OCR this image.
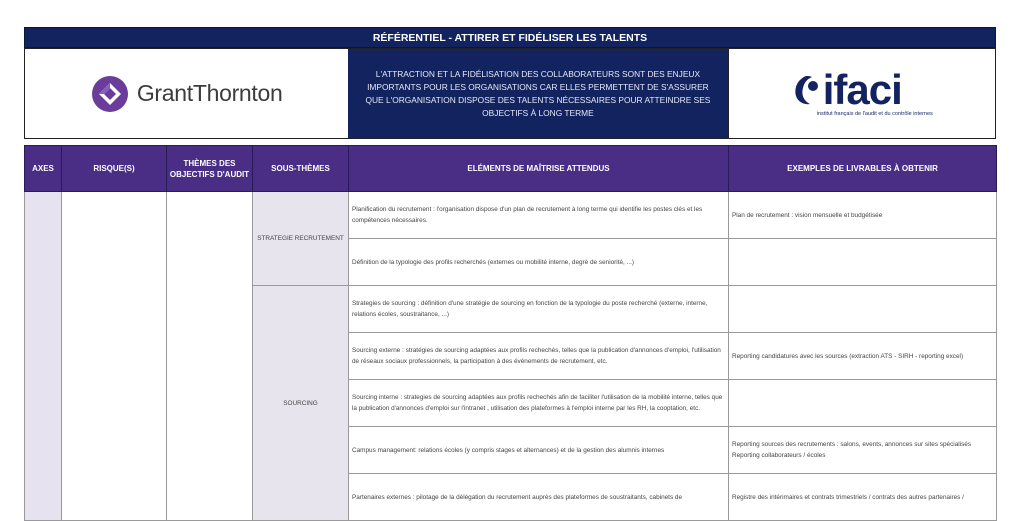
RÉFÉRENTIEL - ATTIRER ET FIDÉLISER LES TALENTS
GrantThornton
L'ATTRACTION ET LA FIDÉLISATION DES COLLABORATEURS SONT DES ENJEUX IMPORTANTS POUR LES ORGANISATIONS CAR ELLES PERMETTENT DE S'ASSURER QUE L'ORGANISATION DISPOSE DES TALENTS NÉCESSAIRES POUR ATTEINDRE SES OBJECTIFS À LONG TERME	ifaci
institut français de l'audit et du contrôle internes
AXES	RISQUE(S)	THÈMES DES OBJECTIFS D'AUDIT	SOUS-THÈMES	ELÉMENTS DE MAÎTRISE ATTENDUS	EXEMPLES DE LIVRABLES À OBTENIR
			STRATEGIE RECRUTEMENT	Planification du recrutement : l'organisation dispose d'un plan de recrutement à long terme qui identifie les postes clés et les compétences nécessaires.	Plan de recrutement : vision mensuelle et budgétisée
				Définition de la typologie des profils recherchés (externes ou mobilité interne, degré de seniorité, ...)	
			SOURCING	Strategies de sourcing : définition d'une stratégie de sourcing en fonction de la typologie du poste recherché (externe, interne, relations écoles, soustraitance, ...)	
				Sourcing externe : stratégies de sourcing adaptées aux profils rechechés, telles que la publication d'annonces d'emploi, l'utilisation de réseaux sociaux professionnels, la participation à des événements de recrutement, etc.	Reporting candidatures avec les sources (extraction ATS - SIRH - reporting excel)
				Sourcing interne : strategies de sourcing adaptées aux profils rechechés afin de faciliter l'utilisation de la mobilité interne, telles que la publication d'annonces d'emploi sur l'intranet , utilisation des plateformes à l'emploi interne par les RH, la cooptation, etc.	
				Campus management: relations écoles (y compris stages et alternances) et de la gestion des alumnis internes	Reporting sources des recrutements : salons, events, annonces sur sites spécialisés
Reporting collaborateurs / écoles
				Partenaires externes : pilotage de la délégation du recrutement auprès des plateformes de soustraitants, cabinets de	Registre des intérimaires et contrats trimestriels / contrats des autres partenaires /
